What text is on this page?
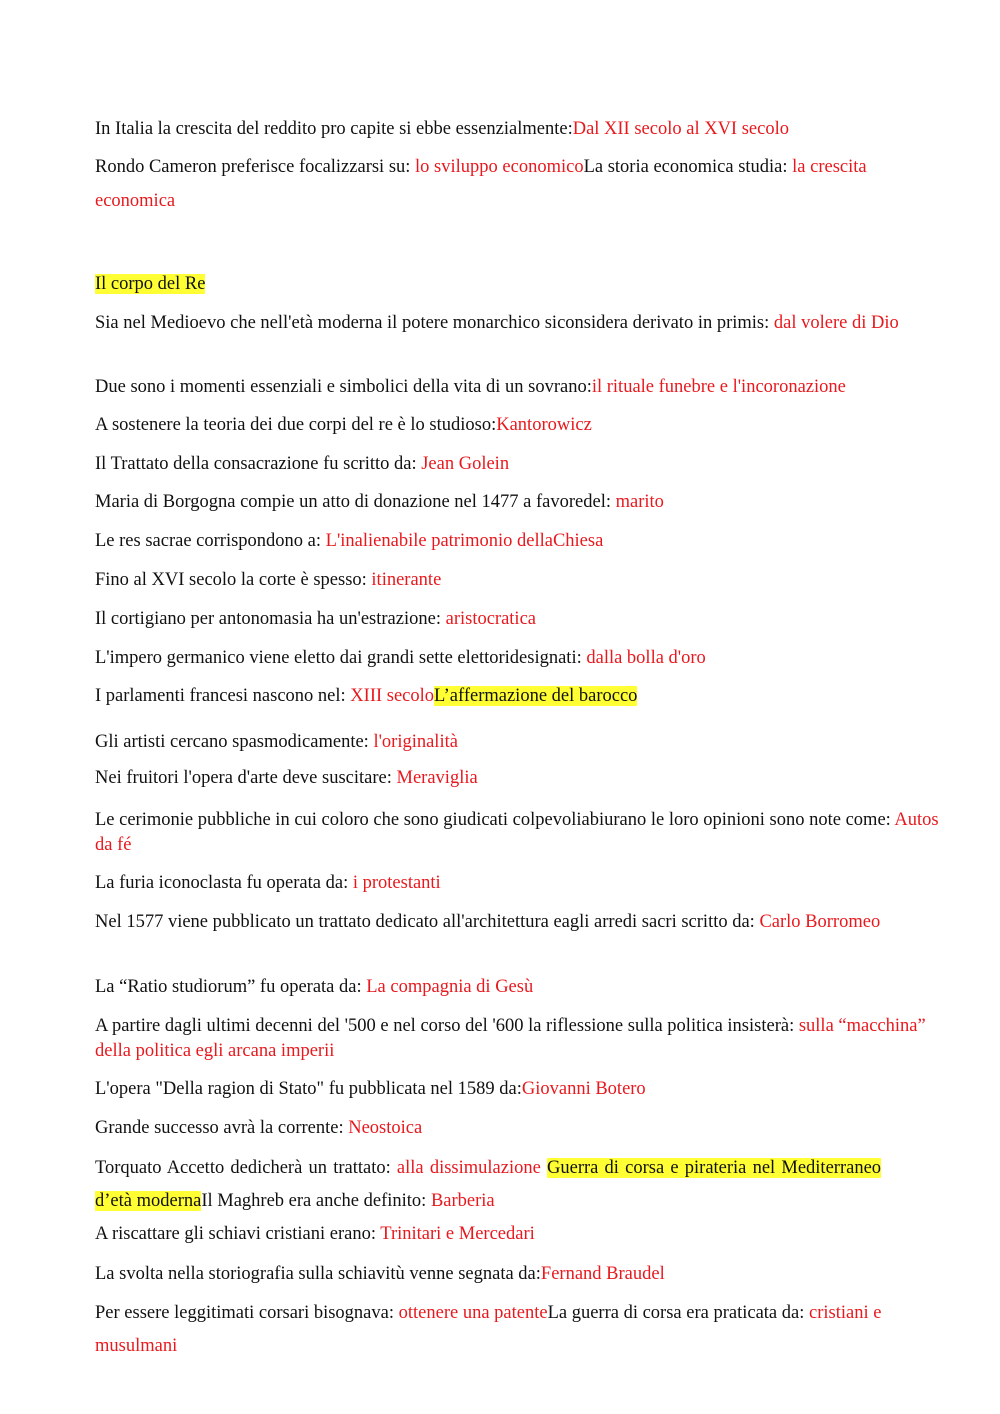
In Italia la crescita del reddito pro capite si ebbe essenzialmente:Dal XII secolo al XVI secolo
Rondo Cameron preferisce focalizzarsi su: lo sviluppo economicoLa storia economica studia: la crescita economica
Il corpo del Re
Sia nel Medioevo che nell'età moderna il potere monarchico siconsidera derivato in primis: dal volere di Dio
Due sono i momenti essenziali e simbolici della vita di un sovrano:il rituale funebre e l'incoronazione
A sostenere la teoria dei due corpi del re è lo studioso:Kantorowicz
Il Trattato della consacrazione fu scritto da: Jean Golein
Maria di Borgogna compie un atto di donazione nel 1477 a favoredel: marito
Le res sacrae corrispondono a: L'inalienabile patrimonio dellaChiesa
Fino al XVI secolo la corte è spesso: itinerante
Il cortigiano per antonomasia ha un'estrazione: aristocratica
L'impero germanico viene eletto dai grandi sette elettoridesignati: dalla bolla d'oro
I parlamenti francesi nascono nel: XIII secoloL’affermazione del barocco
Gli artisti cercano spasmodicamente: l'originalità
Nei fruitori l'opera d'arte deve suscitare: Meraviglia
Le cerimonie pubbliche in cui coloro che sono giudicati colpevoliabiurano le loro opinioni sono note come: Autos da fé
La furia iconoclasta fu operata da: i protestanti
Nel 1577 viene pubblicato un trattato dedicato all'architettura eagli arredi sacri scritto da: Carlo Borromeo
La “Ratio studiorum” fu operata da: La compagnia di Gesù
A partire dagli ultimi decenni del '500 e nel corso del '600 la riflessione sulla politica insisterà: sulla “macchina” della politica egli arcana imperii
L'opera "Della ragion di Stato" fu pubblicata nel 1589 da:Giovanni Botero
Grande successo avrà la corrente: Neostoica
Torquato Accetto dedicherà un trattato: alla dissimulazione Guerra di corsa e pirateria nel Mediterraneo d’età modernaIl Maghreb era anche definito: Barberia
A riscattare gli schiavi cristiani erano: Trinitari e Mercedari
La svolta nella storiografia sulla schiavitù venne segnata da:Fernand Braudel
Per essere leggitimati corsari bisognava: ottenere una patenteLa guerra di corsa era praticata da: cristiani e musulmani
